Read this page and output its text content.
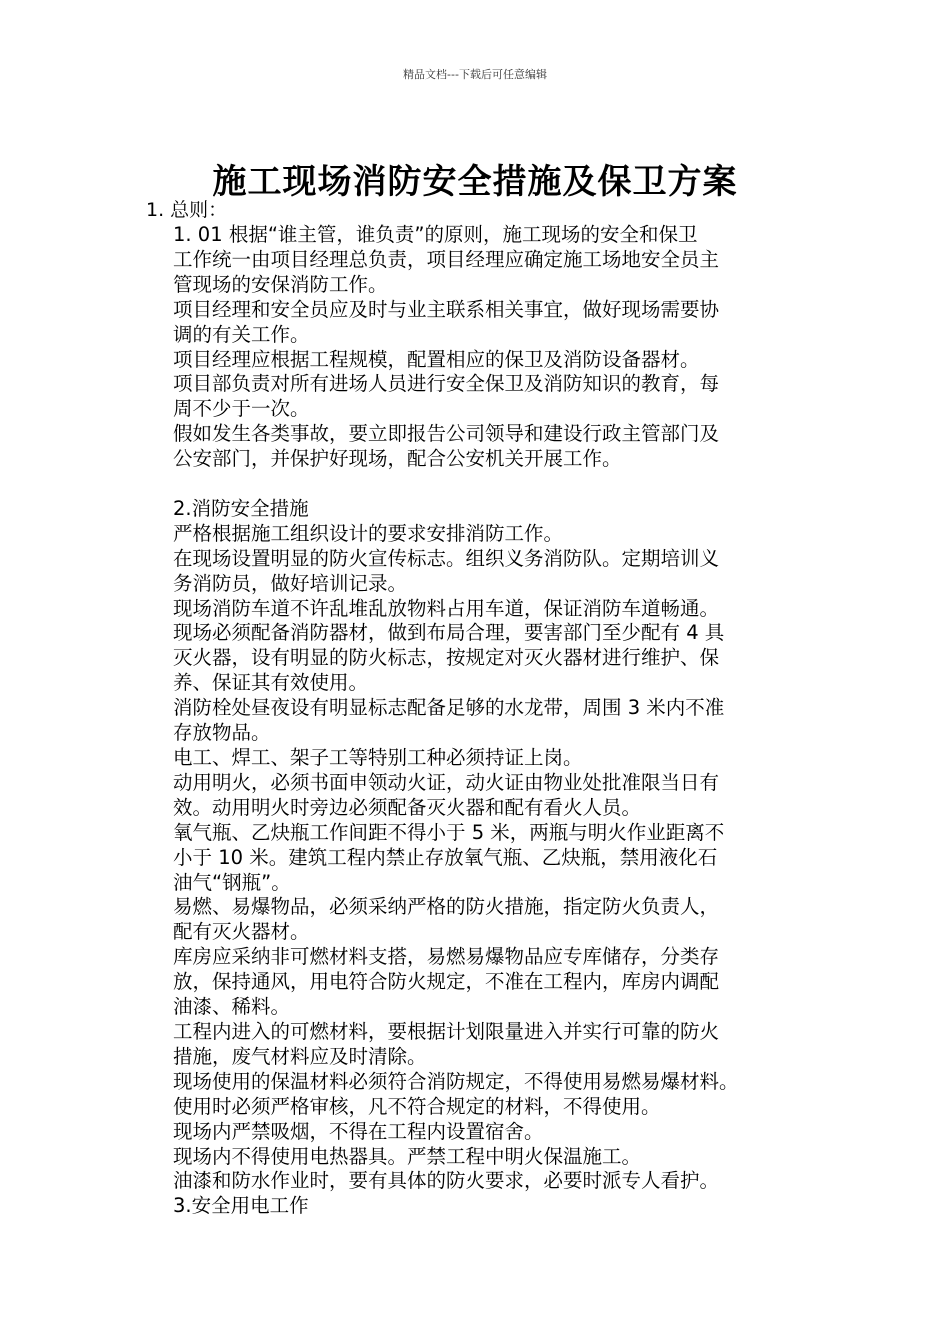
精品文档---下载后可任意编辑
施工现场消防安全措施及保卫方案
1. 总则：

1. 01 根据“谁主管，谁负责”的原则，施工现场的安全和保卫

工作统一由项目经理总负责，项目经理应确定施工场地安全员主

管现场的安保消防工作。

项目经理和安全员应及时与业主联系相关事宜，做好现场需要协

调的有关工作。

项目经理应根据工程规模，配置相应的保卫及消防设备器材。

项目部负责对所有进场人员进行安全保卫及消防知识的教育，每

周不少于一次。

假如发生各类事故，要立即报告公司领导和建设行政主管部门及

公安部门，并保护好现场，配合公安机关开展工作。

2.消防安全措施

严格根据施工组织设计的要求安排消防工作。

在现场设置明显的防火宣传标志。组织义务消防队。定期培训义

务消防员，做好培训记录。

现场消防车道不许乱堆乱放物料占用车道，保证消防车道畅通。

现场必须配备消防器材，做到布局合理，要害部门至少配有 4 具

灭火器，设有明显的防火标志，按规定对灭火器材进行维护、保

养、保证其有效使用。

消防栓处昼夜设有明显标志配备足够的水龙带，周围 3 米内不准

存放物品。

电工、焊工、架子工等特别工种必须持证上岗。

动用明火，必须书面申领动火证，动火证由物业处批准限当日有

效。动用明火时旁边必须配备灭火器和配有看火人员。

氧气瓶、乙炔瓶工作间距不得小于 5 米，两瓶与明火作业距离不

小于 10 米。建筑工程内禁止存放氧气瓶、乙炔瓶，禁用液化石

油气“钢瓶”。

易燃、易爆物品，必须采纳严格的防火措施，指定防火负责人，

配有灭火器材。

库房应采纳非可燃材料支搭，易燃易爆物品应专库储存，分类存

放，保持通风，用电符合防火规定，不准在工程内，库房内调配

油漆、稀料。

工程内进入的可燃材料，要根据计划限量进入并实行可靠的防火

措施，废气材料应及时清除。

现场使用的保温材料必须符合消防规定，不得使用易燃易爆材料。

使用时必须严格审核，凡不符合规定的材料，不得使用。

现场内严禁吸烟，不得在工程内设置宿舍。

现场内不得使用电热器具。严禁工程中明火保温施工。

油漆和防水作业时，要有具体的防火要求，必要时派专人看护。

3.安全用电工作
